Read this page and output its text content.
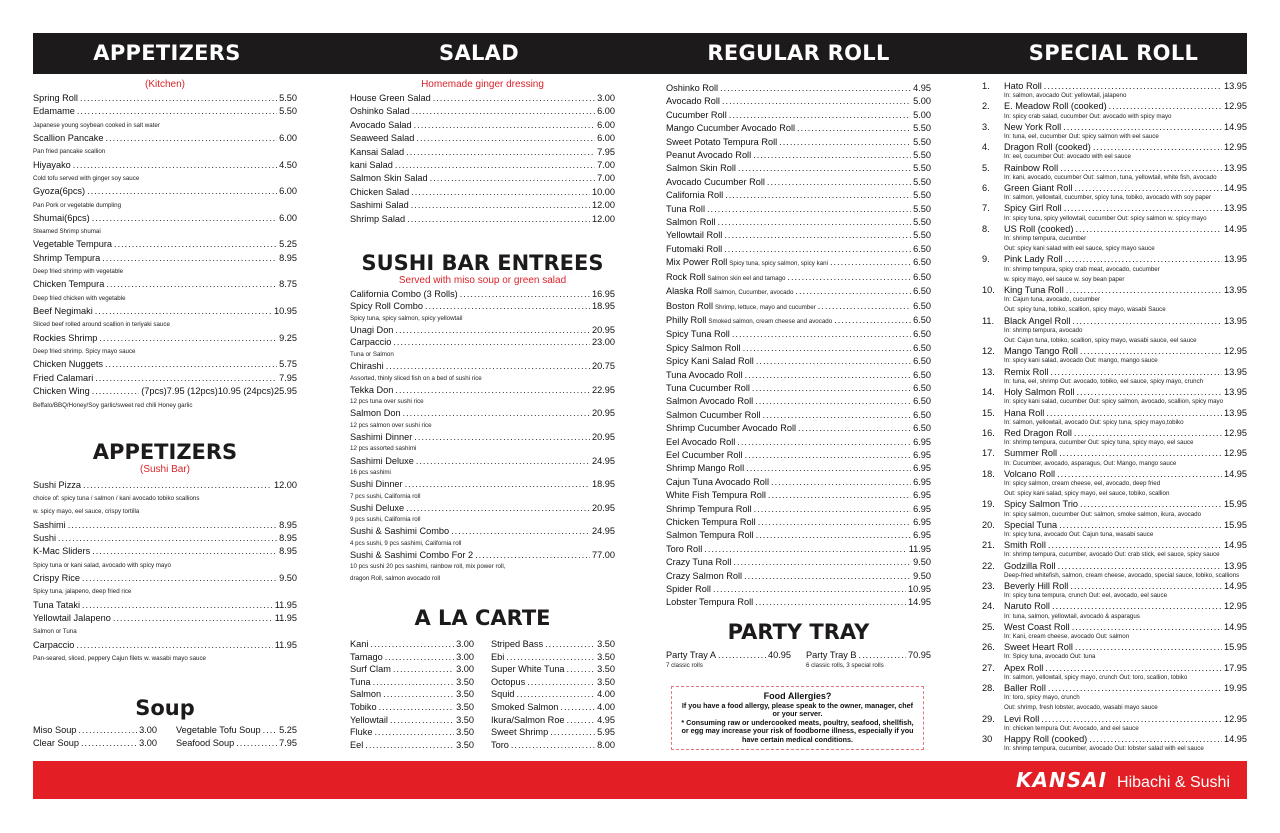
APPETIZERS	SALAD	REGULAR ROLL	SPECIAL ROLL
(Kitchen)
Spring Roll .....	5.50
Edamame .....	5.50
Japanese young soybean cooked in salt water
Scallion Pancake .....	6.00
Pan fried pancake scallion
Hiyayako .....	4.50
Cold tofu served with ginger soy sauce
Gyoza(6pcs) .....	6.00
Pan Pork or vegetable dumpling
Shumai(6pcs) .....	6.00
Steamed Shrimp shumai
Vegetable Tempura .....	5.25
Shrimp Tempura .....	8.95
Deep fried shrimp with vegetable
Chicken Tempura .....	8.75
Deep fried chicken with vegetable
Beef Negimaki .....	10.95
Sliced beef rolled around scallion in teriyaki sauce
Rockies Shrimp .....	9.25
Deep fried shrimp. Spicy mayo sauce
Chicken Nuggets .....	5.75
Fried Calamari .....	7.95
Chicken Wing .....	(7pcs)7.95 (12pcs)10.95 (24pcs)25.95
Beffalo/BBQ/Honey/Soy garlic/sweet red chili Honey garlic
APPETIZERS
(Sushi Bar)
Sushi Pizza .....	12.00
choice of: spicy tuna / salmon / kani avocado tobiko scallions
w. spicy mayo, eel sauce, crispy tortilla
Sashimi .....	8.95
Sushi .....	8.95
K-Mac Sliders .....	8.95
Spicy tuna or kani salad, avocado with spicy mayo
Crispy Rice .....	9.50
Spicy tuna, jalapeno, deep fried rice
Tuna Tataki .....	11.95
Yellowtail Jalapeno .....	11.95
Salmon or Tuna
Carpaccio .....	11.95
Pan-seared, sliced, peppery Cajun filets w. wasabi mayo sauce
Soup
Miso Soup .....	3.00
Clear Soup .....	3.00
Vegetable Tofu Soup ..... 5.25
Seafood Soup .....	7.95
Homemade ginger dressing
House Green Salad .....	3.00
Oshinko Salad .....	6.00
Avocado Salad .....	6.00
Seaweed Salad .....	6.00
Kansai Salad .....	7.95
kani Salad .....	7.00
Salmon Skin Salad .....	7.00
Chicken Salad .....	10.00
Sashimi Salad .....	12.00
Shrimp Salad .....	12.00
SUSHI BAR ENTREES
Served with miso soup or green salad
California Combo (3 Rolls) .....	16.95
Spicy Roll Combo .....	18.95
Spicy tuna, spicy salmon, spicy yellowtail
Unagi Don .....	20.95
Carpaccio .....	23.00
Tuna or Salmon
Chirashi .....	20.75
Assorted, thinly sliced fish on a bed of sushi rice
Tekka Don .....	22.95
12 pcs tuna over sushi rice
Salmon Don .....	20.95
12 pcs salmon over sushi rice
Sashimi Dinner .....	20.95
12 pcs assorted sashimi
Sashimi Deluxe .....	24.95
16 pcs sashimi
Sushi Dinner .....	18.95
7 pcs sushi, California roll
Sushi Deluxe .....	20.95
9 pcs sushi, California roll
Sushi & Sashimi Combo .....	24.95
4 pcs sushi, 9 pcs sashimi, California roll
Sushi & Sashimi Combo For 2 .....	77.00
10 pcs sushi 20 pcs sashimi, rainbow roll, mix power roll,
dragon Roll, salmon avocado roll
A LA CARTE
Kani .....	3.00
Tamago .....	3.00
Surf Clam .....	3.00
Tuna .....	3.50
Salmon .....	3.50
Tobiko .....	3.50
Yellowtail .....	3.50
Fluke .....	3.50
Eel .....	3.50
Striped Bass .....	3.50
Ebi .....	3.50
Super White Tuna .....	3.50
Octopus .....	3.50
Squid .....	4.00
Smoked Salmon .....	4.00
Ikura/Salmon Roe .....	4.95
Sweet Shrimp .....	5.95
Toro .....	8.00
Oshinko Roll .....	4.95
Avocado Roll .....	5.00
Cucumber Roll .....	5.00
Mango Cucumber Avocado Roll .....	5.50
Sweet Potato Tempura Roll .....	5.50
Peanut Avocado Roll .....	5.50
Salmon Skin Roll .....	5.50
Avocado Cucumber Roll .....	5.50
California Roll .....	5.50
Tuna Roll .....	5.50
Salmon Roll .....	5.50
Yellowtail Roll .....	5.50
Futomaki Roll .....	6.50
Mix Power Roll Spicy tuna, spicy salmon, spicy kani .....	6.50
Rock Roll Salmon skin eel and tamago .....	6.50
Alaska Roll Salmon, Cucumber, avocado .....	6.50
Boston Roll Shrimp, lettuce, mayo and cucumber .....	6.50
Philly Roll Smoked salmon, cream cheese and avocado .....	6.50
Spicy Tuna Roll .....	6.50
Spicy Salmon Roll .....	6.50
Spicy Kani Salad Roll .....	6.50
Tuna Avocado Roll .....	6.50
Tuna Cucumber Roll .....	6.50
Salmon Avocado Roll .....	6.50
Salmon Cucumber Roll .....	6.50
Shrimp Cucumber Avocado Roll .....	6.50
Eel Avocado Roll .....	6.95
Eel Cucumber Roll .....	6.95
Shrimp Mango Roll .....	6.95
Cajun Tuna Avocado Roll .....	6.95
White Fish Tempura Roll .....	6.95
Shrimp Tempura Roll .....	6.95
Chicken Tempura Roll .....	6.95
Salmon Tempura Roll .....	6.95
Toro Roll .....	11.95
Crazy Tuna Roll .....	9.50
Crazy Salmon Roll .....	9.50
Spider Roll .....	10.95
Lobster Tempura Roll .....	14.95
PARTY TRAY
Party Tray A .....	40.95
7 classic rolls
Party Tray B .....	70.95
6 classic rolls, 3 special rolls
Food Allergies?
If you have a food allergy, please speak to the owner, manager, chef
or your server.
* Consuming raw or undercooked meats, poultry, seafood, shellfish,
or egg may increase your risk of foodborne illness, especially if you
have certain medical conditions.
1.	Hato Roll .....	13.95
In: salmon, avocado Out: yellowtail, jalapeno
2.	E. Meadow Roll (cooked) .....	12.95
In: spicy crab salad, cucumber Out: avocado with spicy mayo
3.	New York Roll .....	14.95
In: tuna, eel, cucumber Out: spicy salmon with eel sauce
4.	Dragon Roll (cooked) .....	12.95
In: eel, cucumber Out: avocado with eel sauce
5.	Rainbow Roll .....	13.95
In: kani, avocado, cucumber Out: salmon, tuna, yellowtail, white fish, avocado
6.	Green Giant Roll .....	14.95
In: salmon, yellowtail, cucumber, spicy tuna, tobiko, avocado with soy paper
7.	Spicy Girl Roll .....	13.95
In: spicy tuna, spicy yellowtail, cucumber Out: spicy salmon w. spicy mayo
8.	US Roll (cooked) .....	14.95
In: shrimp tempura, cucumber
Out: spicy kani salad with eel sauce, spicy mayo sauce
9.	Pink Lady Roll .....	13.95
In: shrimp tempura, spicy crab meat, avocado, cucumber
w. spicy mayo, eel sauce w. soy bean paper
10.	King Tuna Roll .....	13.95
In: Cajun tuna, avocado, cucumber
Out: spicy tuna, tobiko, scallion, spicy mayo, wasabi Sauce
11.	Black Angel Roll .....	13.95
In: shrimp tempura, avocado
Out: Cajun tuna, tobiko, scallion, spicy mayo, wasabi sauce, eel sauce
12.	Mango Tango Roll .....	12.95
In: spicy kani salad, avocado Out: mango, mango sauce
13.	Remix Roll .....	13.95
In: tuna, eel, shrimp Out: avocado, tobiko, eel sauce, spicy mayo, crunch
14.	Holy Salmon Roll .....	13.95
In: spicy kani salad, cucumber Out: spicy salmon, avocado, scallion, spicy mayo
15.	Hana Roll .....	13.95
In: salmon, yellowtail, avocado Out: spicy tuna, spicy mayo,tobiko
16.	Red Dragon Roll .....	12.95
In: shrimp tempura, cucumber Out: spicy tuna, spicy mayo, eel sauce
17.	Summer Roll .....	12.95
In: Cucumber, avocado, asparagus, Out: Mango, mango sauce
18.	Volcano Roll .....	14.95
In: spicy salmon, cream cheese, eel, avocado, deep fried
Out: spicy kani salad, spicy mayo, eel sauce, tobiko, scallion
19.	Spicy Salmon Trio .....	15.95
In: spicy salmon, cucumber Out: salmon, smoke salmon, ikura, avocado
20.	Special Tuna .....	15.95
In: spicy tuna, avocado Out: Cajun tuna, wasabi sauce
21.	Smith Roll .....	14.95
In: shrimp tempura, cucumber, avocado Out: crab stick, eel sauce, spicy sauce
22.	Godzilla Roll .....	13.95
Deep-fried whitefish, salmon, cream cheese, avocado, special sauce, tobiko, scallions
23.	Beverly Hill Roll .....	14.95
In: spicy tuna tempura, crunch Out: eel, avocado, eel sauce
24.	Naruto Roll .....	12.95
In: tuna, salmon, yellowtail, avocado & asparagus
25.	West Coast Roll .....	14.95
In: Kani, cream cheese, avocado Out: salmon
26.	Sweet Heart Roll .....	15.95
In: Spicy tuna, avocado Out: tuna
27.	Apex Roll .....	17.95
In: salmon, yellowtail, spicy mayo, crunch Out: toro, scallion, tobiko
28.	Baller Roll .....	19.95
In: toro, spicy mayo, crunch
Out: shrimp, fresh lobster, avocado, wasabi mayo sauce
29.	Levi Roll .....	12.95
In: chicken tempura Out: Avocado, and eel sauce
30	Happy Roll (cooked) .....	14.95
In: shrimp tempura, cucumber, avocado Out: lobster salad with eel sauce
KANSAI Hibachi & Sushi
